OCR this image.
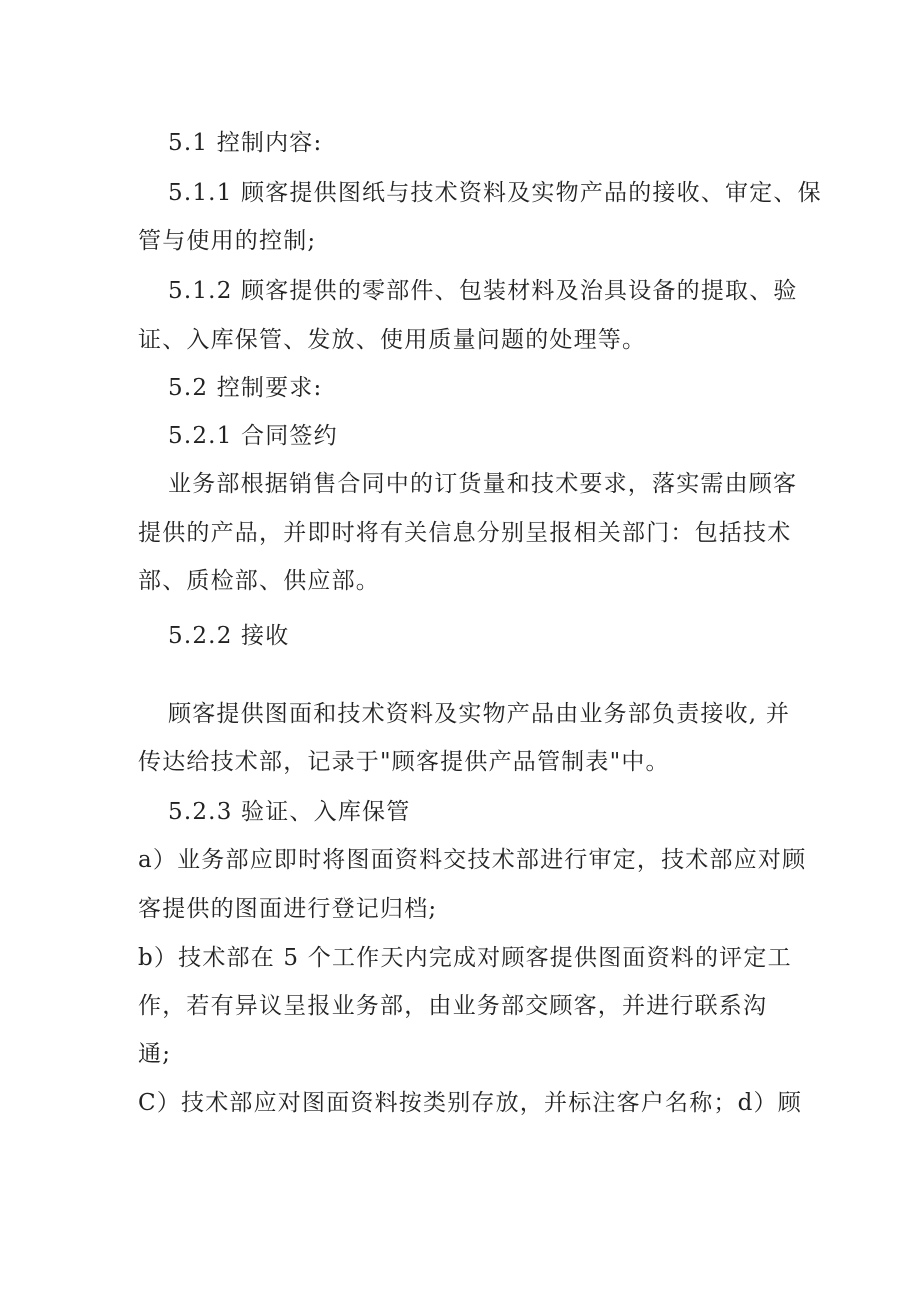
5.1 控制内容:
5.1.1 顾客提供图纸与技术资料及实物产品的接收、审定、保
管与使用的控制;
5.1.2 顾客提供的零部件、包装材料及治具设备的提取、验
证、入库保管、发放、使用质量问题的处理等。
5.2 控制要求:
5.2.1 合同签约
业务部根据销售合同中的订货量和技术要求，落实需由顾客
提供的产品，并即时将有关信息分别呈报相关部门：包括技术
部、质检部、供应部。
5.2.2 接收
顾客提供图面和技术资料及实物产品由业务部负责接收, 并
传达给技术部，记录于"顾客提供产品管制表"中。
5.2.3 验证、入库保管
a）业务部应即时将图面资料交技术部进行审定，技术部应对顾
客提供的图面进行登记归档;
b）技术部在 5 个工作天内完成对顾客提供图面资料的评定工
作，若有异议呈报业务部，由业务部交顾客，并进行联系沟
通;
C）技术部应对图面资料按类别存放，并标注客户名称；d）顾
